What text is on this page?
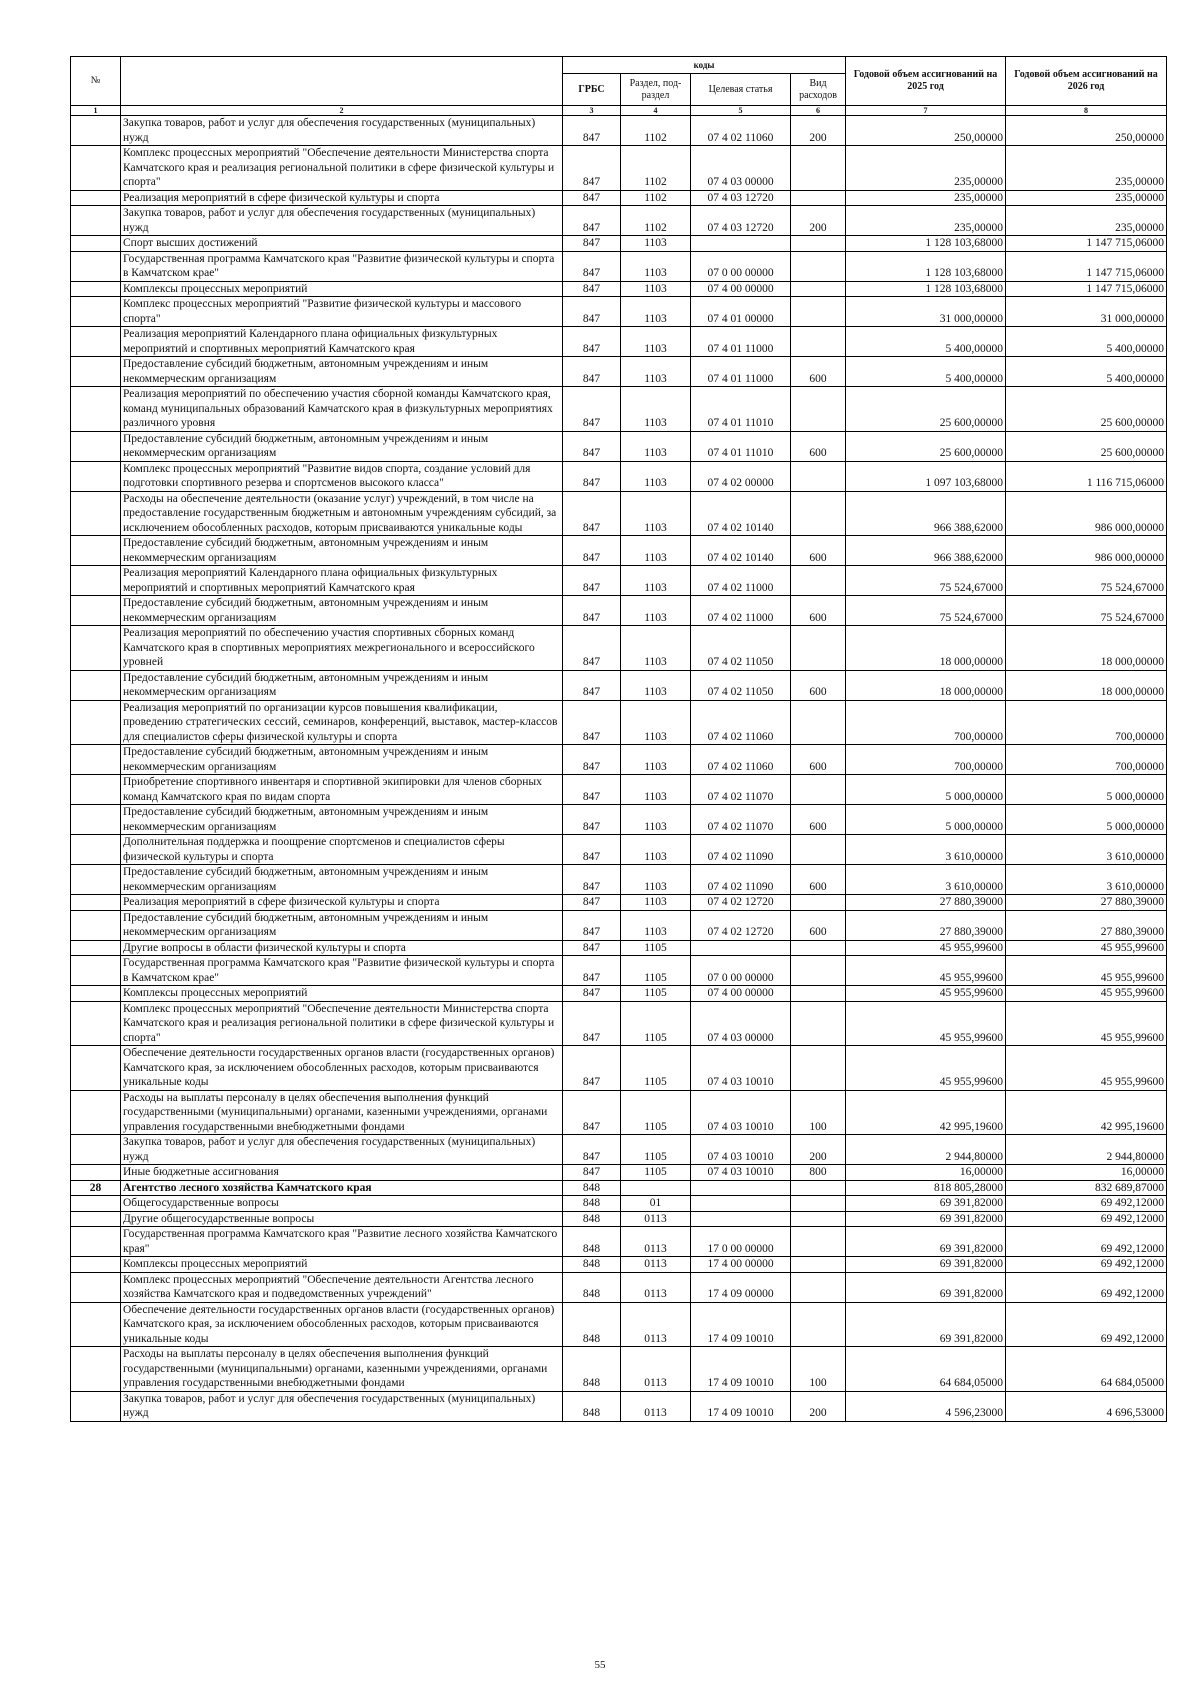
№		коды				Годовой объем ассигнований на 2025 год	Годовой объем ассигнований на 2026 год
		ГРБС	Раздел, под-раздел	Целевая статья	Вид расходов		
1	2	3	4	5	6	7	8
	Закупка товаров, работ и услуг для обеспечения государственных (муниципальных) нужд	847	1102	07 4 02 11060	200	250,00000	250,00000
	Комплекс процессных мероприятий "Обеспечение деятельности Министерства спорта Камчатского края и реализация региональной политики в сфере физической культуры и спорта"	847	1102	07 4 03 00000		235,00000	235,00000
	Реализация мероприятий в сфере физической культуры и спорта	847	1102	07 4 03 12720		235,00000	235,00000
	Закупка товаров, работ и услуг для обеспечения государственных (муниципальных) нужд	847	1102	07 4 03 12720	200	235,00000	235,00000
	Спорт высших достижений	847	1103			1 128 103,68000	1 147 715,06000
	Государственная программа Камчатского края "Развитие физической культуры и спорта в Камчатском крае"	847	1103	07 0 00 00000		1 128 103,68000	1 147 715,06000
	Комплексы процессных мероприятий	847	1103	07 4 00 00000		1 128 103,68000	1 147 715,06000
	Комплекс процессных мероприятий "Развитие физической культуры и массового спорта"	847	1103	07 4 01 00000		31 000,00000	31 000,00000
	Реализация мероприятий Календарного плана официальных физкультурных мероприятий и спортивных мероприятий Камчатского края	847	1103	07 4 01 11000		5 400,00000	5 400,00000
	Предоставление субсидий бюджетным, автономным учреждениям и иным некоммерческим организациям	847	1103	07 4 01 11000	600	5 400,00000	5 400,00000
	Реализация мероприятий по обеспечению участия сборной команды Камчатского края, команд муниципальных образований Камчатского края в физкультурных мероприятиях различного уровня	847	1103	07 4 01 11010		25 600,00000	25 600,00000
	Предоставление субсидий бюджетным, автономным учреждениям и иным некоммерческим организациям	847	1103	07 4 01 11010	600	25 600,00000	25 600,00000
	Комплекс процессных мероприятий "Развитие видов спорта, создание условий для подготовки спортивного резерва и спортсменов высокого класса"	847	1103	07 4 02 00000		1 097 103,68000	1 116 715,06000
	Расходы на обеспечение деятельности (оказание услуг) учреждений, в том числе на предоставление государственным бюджетным и автономным учреждениям субсидий, за исключением обособленных расходов, которым присваиваются уникальные коды	847	1103	07 4 02 10140		966 388,62000	986 000,00000
	Предоставление субсидий бюджетным, автономным учреждениям и иным некоммерческим организациям	847	1103	07 4 02 10140	600	966 388,62000	986 000,00000
	Реализация мероприятий Календарного плана официальных физкультурных мероприятий и спортивных мероприятий Камчатского края	847	1103	07 4 02 11000		75 524,67000	75 524,67000
	Предоставление субсидий бюджетным, автономным учреждениям и иным некоммерческим организациям	847	1103	07 4 02 11000	600	75 524,67000	75 524,67000
	Реализация мероприятий по обеспечению участия спортивных сборных команд Камчатского края в спортивных мероприятиях межрегионального и всероссийского уровней	847	1103	07 4 02 11050		18 000,00000	18 000,00000
	Предоставление субсидий бюджетным, автономным учреждениям и иным некоммерческим организациям	847	1103	07 4 02 11050	600	18 000,00000	18 000,00000
	Реализация мероприятий по организации курсов повышения квалификации, проведению стратегических сессий, семинаров, конференций, выставок, мастер-классов для специалистов сферы физической культуры и спорта	847	1103	07 4 02 11060		700,00000	700,00000
	Предоставление субсидий бюджетным, автономным учреждениям и иным некоммерческим организациям	847	1103	07 4 02 11060	600	700,00000	700,00000
	Приобретение спортивного инвентаря и спортивной экипировки для членов сборных команд Камчатского края по видам спорта	847	1103	07 4 02 11070		5 000,00000	5 000,00000
	Предоставление субсидий бюджетным, автономным учреждениям и иным некоммерческим организациям	847	1103	07 4 02 11070	600	5 000,00000	5 000,00000
	Дополнительная поддержка и поощрение спортсменов и специалистов сферы физической культуры и спорта	847	1103	07 4 02 11090		3 610,00000	3 610,00000
	Предоставление субсидий бюджетным, автономным учреждениям и иным некоммерческим организациям	847	1103	07 4 02 11090	600	3 610,00000	3 610,00000
	Реализация мероприятий в сфере физической культуры и спорта	847	1103	07 4 02 12720		27 880,39000	27 880,39000
	Предоставление субсидий бюджетным, автономным учреждениям и иным некоммерческим организациям	847	1103	07 4 02 12720	600	27 880,39000	27 880,39000
	Другие вопросы в области физической культуры и спорта	847	1105			45 955,99600	45 955,99600
	Государственная программа Камчатского края "Развитие физической культуры и спорта в Камчатском крае"	847	1105	07 0 00 00000		45 955,99600	45 955,99600
	Комплексы процессных мероприятий	847	1105	07 4 00 00000		45 955,99600	45 955,99600
	Комплекс процессных мероприятий "Обеспечение деятельности Министерства спорта Камчатского края и реализация региональной политики в сфере физической культуры и спорта"	847	1105	07 4 03 00000		45 955,99600	45 955,99600
	Обеспечение деятельности государственных органов власти (государственных органов) Камчатского края, за исключением обособленных расходов, которым присваиваются уникальные коды	847	1105	07 4 03 10010		45 955,99600	45 955,99600
	Расходы на выплаты персоналу в целях обеспечения выполнения функций государственными (муниципальными) органами, казенными учреждениями, органами управления государственными внебюджетными фондами	847	1105	07 4 03 10010	100	42 995,19600	42 995,19600
	Закупка товаров, работ и услуг для обеспечения государственных (муниципальных) нужд	847	1105	07 4 03 10010	200	2 944,80000	2 944,80000
	Иные бюджетные ассигнования	847	1105	07 4 03 10010	800	16,00000	16,00000
28	Агентство лесного хозяйства Камчатского края	848				818 805,28000	832 689,87000
	Общегосударственные вопросы	848	01			69 391,82000	69 492,12000
	Другие общегосударственные вопросы	848	0113			69 391,82000	69 492,12000
	Государственная программа Камчатского края "Развитие лесного хозяйства Камчатского края"	848	0113	17 0 00 00000		69 391,82000	69 492,12000
	Комплексы процессных мероприятий	848	0113	17 4 00 00000		69 391,82000	69 492,12000
	Комплекс процессных мероприятий "Обеспечение деятельности Агентства лесного хозяйства Камчатского края и подведомственных учреждений"	848	0113	17 4 09 00000		69 391,82000	69 492,12000
	Обеспечение деятельности государственных органов власти (государственных органов) Камчатского края, за исключением обособленных расходов, которым присваиваются уникальные коды	848	0113	17 4 09 10010		69 391,82000	69 492,12000
	Расходы на выплаты персоналу в целях обеспечения выполнения функций государственными (муниципальными) органами, казенными учреждениями, органами управления государственными внебюджетными фондами	848	0113	17 4 09 10010	100	64 684,05000	64 684,05000
	Закупка товаров, работ и услуг для обеспечения государственных (муниципальных) нужд	848	0113	17 4 09 10010	200	4 596,23000	4 696,53000
55
